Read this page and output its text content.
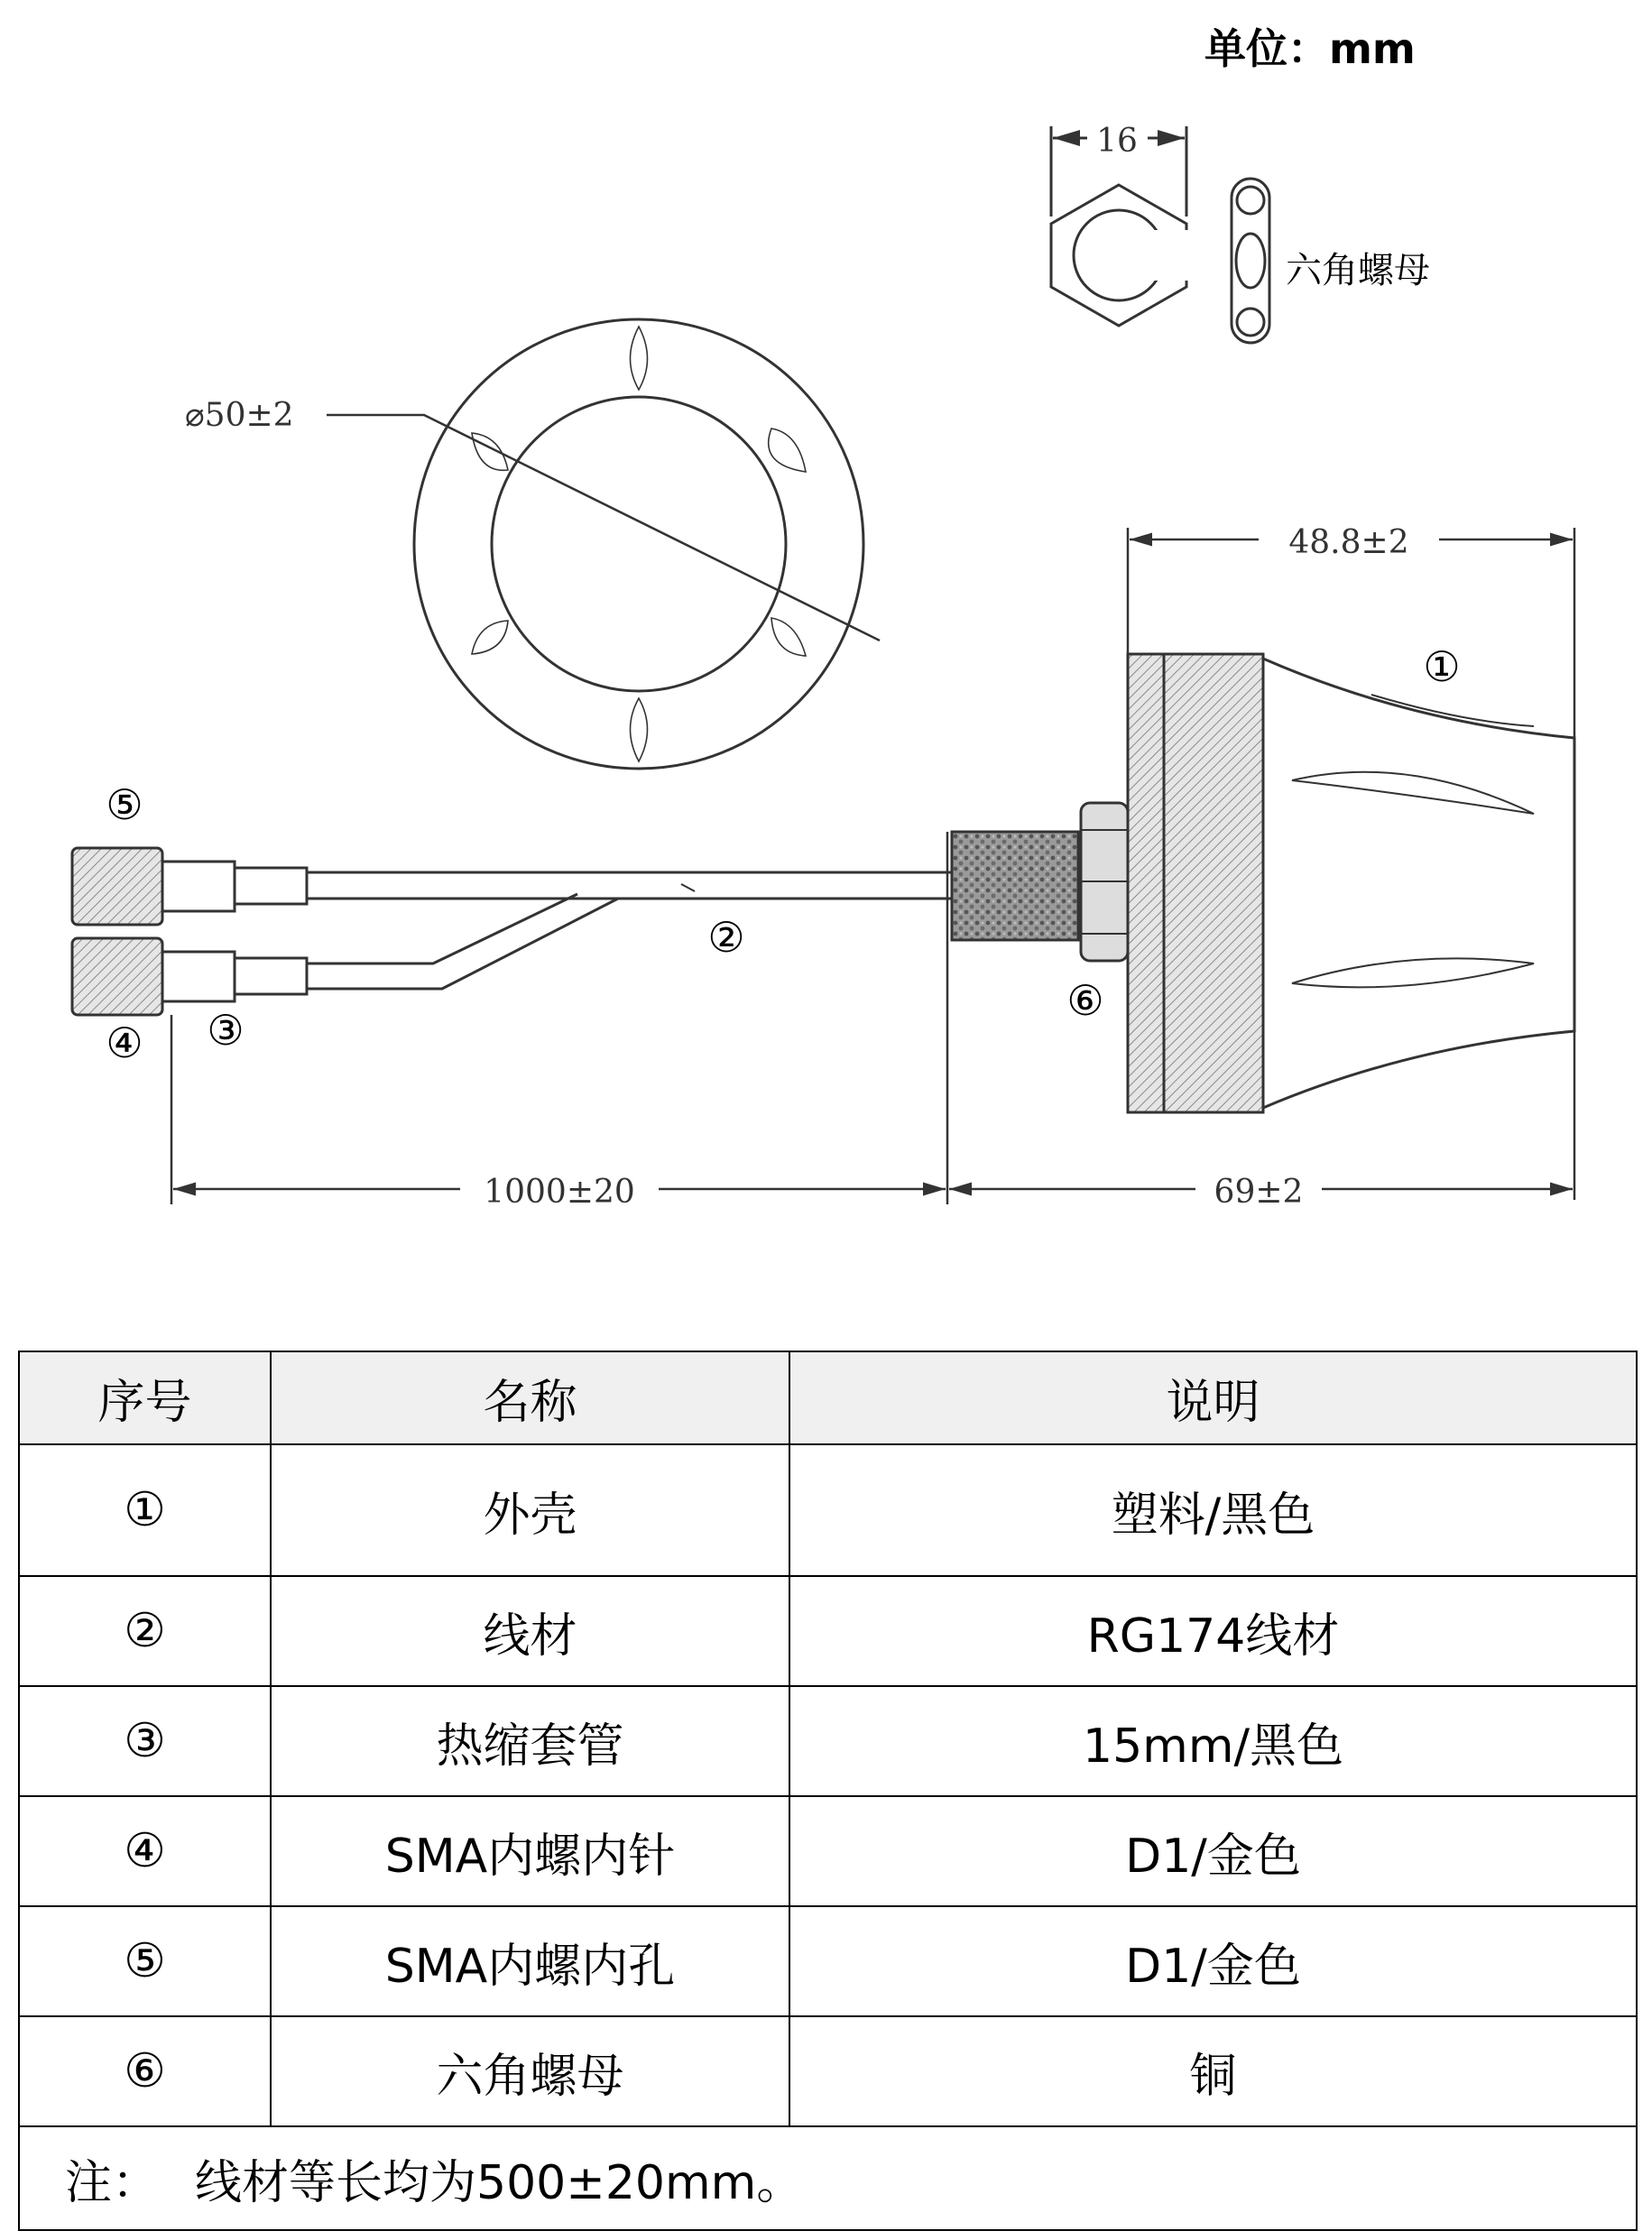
单位：mm
16
六角螺母
⌀50±2
48.8±2
1000±20	69±2
①
②
③
④
⑤
⑥
序号	名称	说明
①	外壳	塑料/黑色
②	线材	RG174线材
③	热缩套管	15mm/黑色
④	SMA内螺内针	D1/金色
⑤	SMA内螺内孔	D1/金色
⑥	六角螺母	铜
注： 线材等长均为500±20mm。		
